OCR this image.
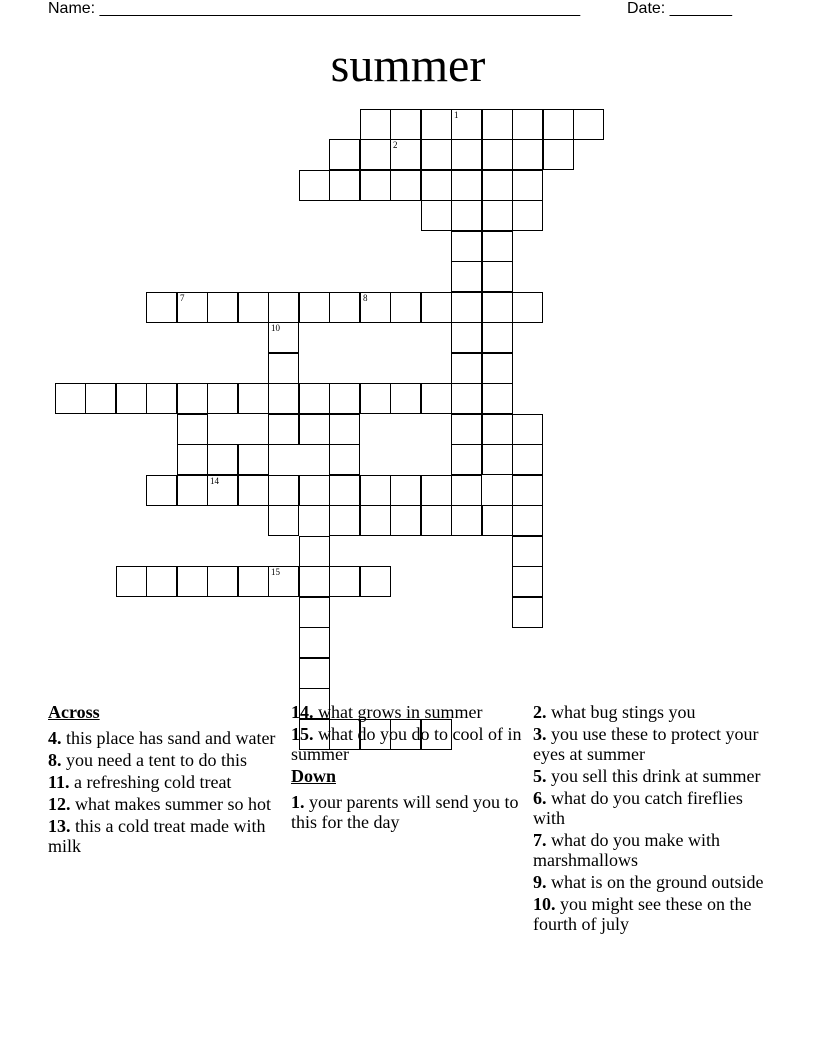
Name: ______________________________________________________	Date: _______
summer
14
15
7	8
2
1
10
Across
4. this place has sand and water
8. you need a tent to do this
11. a refreshing cold treat
12. what makes summer so hot
13. this a cold treat made with milk
14. what grows in summer
15. what do you do to cool of in summer
Down
1. your parents will send you to this for the day
2. what bug stings you
3. you use these to protect your eyes at summer
5. you sell this drink at summer
6. what do you catch fireflies with
7. what do you make with marshmallows
9. what is on the ground outside
10. you might see these on the fourth of july
